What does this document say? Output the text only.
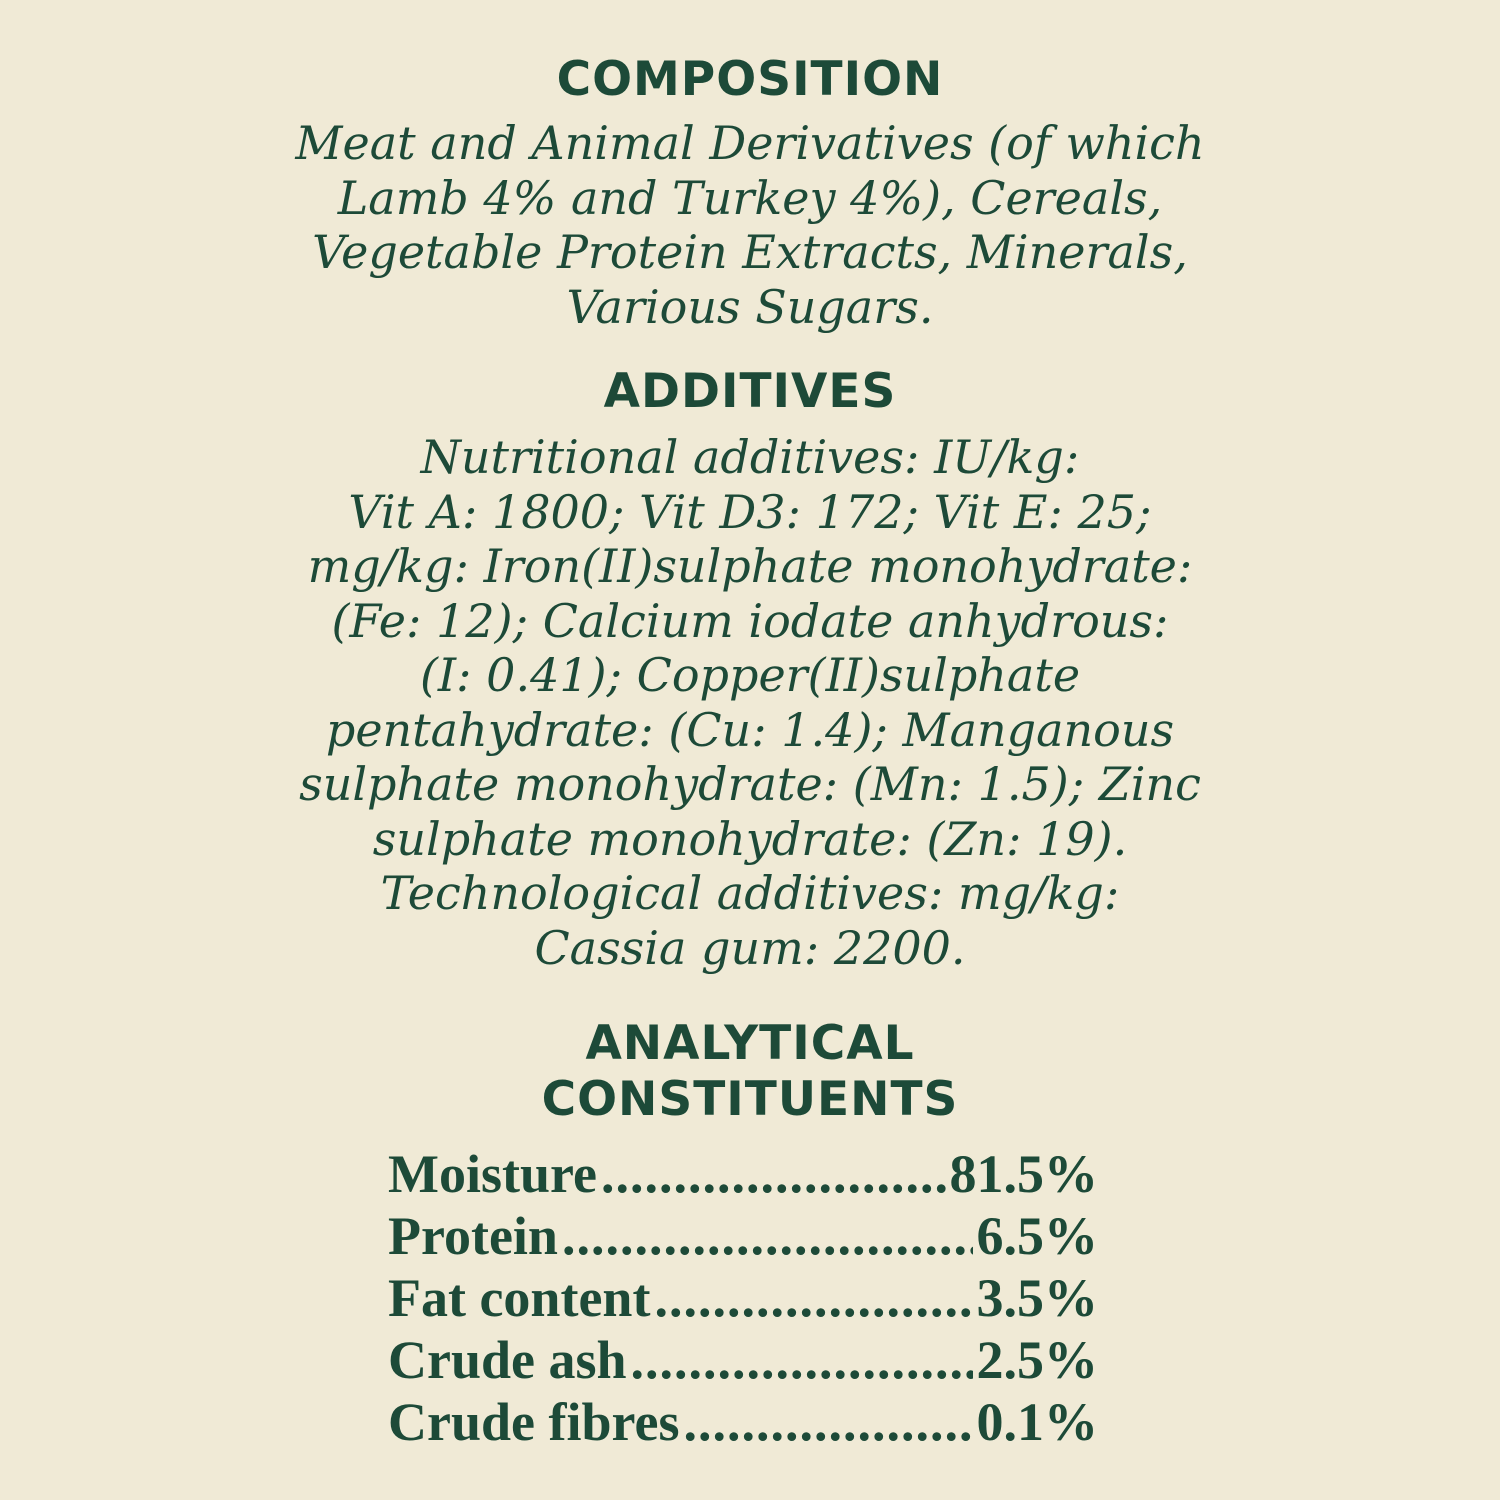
COMPOSITION
Meat and Animal Derivatives (of which
Lamb 4% and Turkey 4%), Cereals,
Vegetable Protein Extracts, Minerals,
Various Sugars.
ADDITIVES
Nutritional additives: IU/kg:
Vit A: 1800; Vit D3: 172; Vit E: 25;
mg/kg: Iron(II)sulphate monohydrate:
(Fe: 12); Calcium iodate anhydrous:
(I: 0.41); Copper(II)sulphate
pentahydrate: (Cu: 1.4); Manganous
sulphate monohydrate: (Mn: 1.5); Zinc
sulphate monohydrate: (Zn: 19).
Technological additives: mg/kg:
Cassia gum: 2200.
ANALYTICAL
CONSTITUENTS
Moisture .....	81.5%
Protein .....	6.5%
Fat content .....	3.5%
Crude ash .....	2.5%
Crude fibres .....	0.1%
